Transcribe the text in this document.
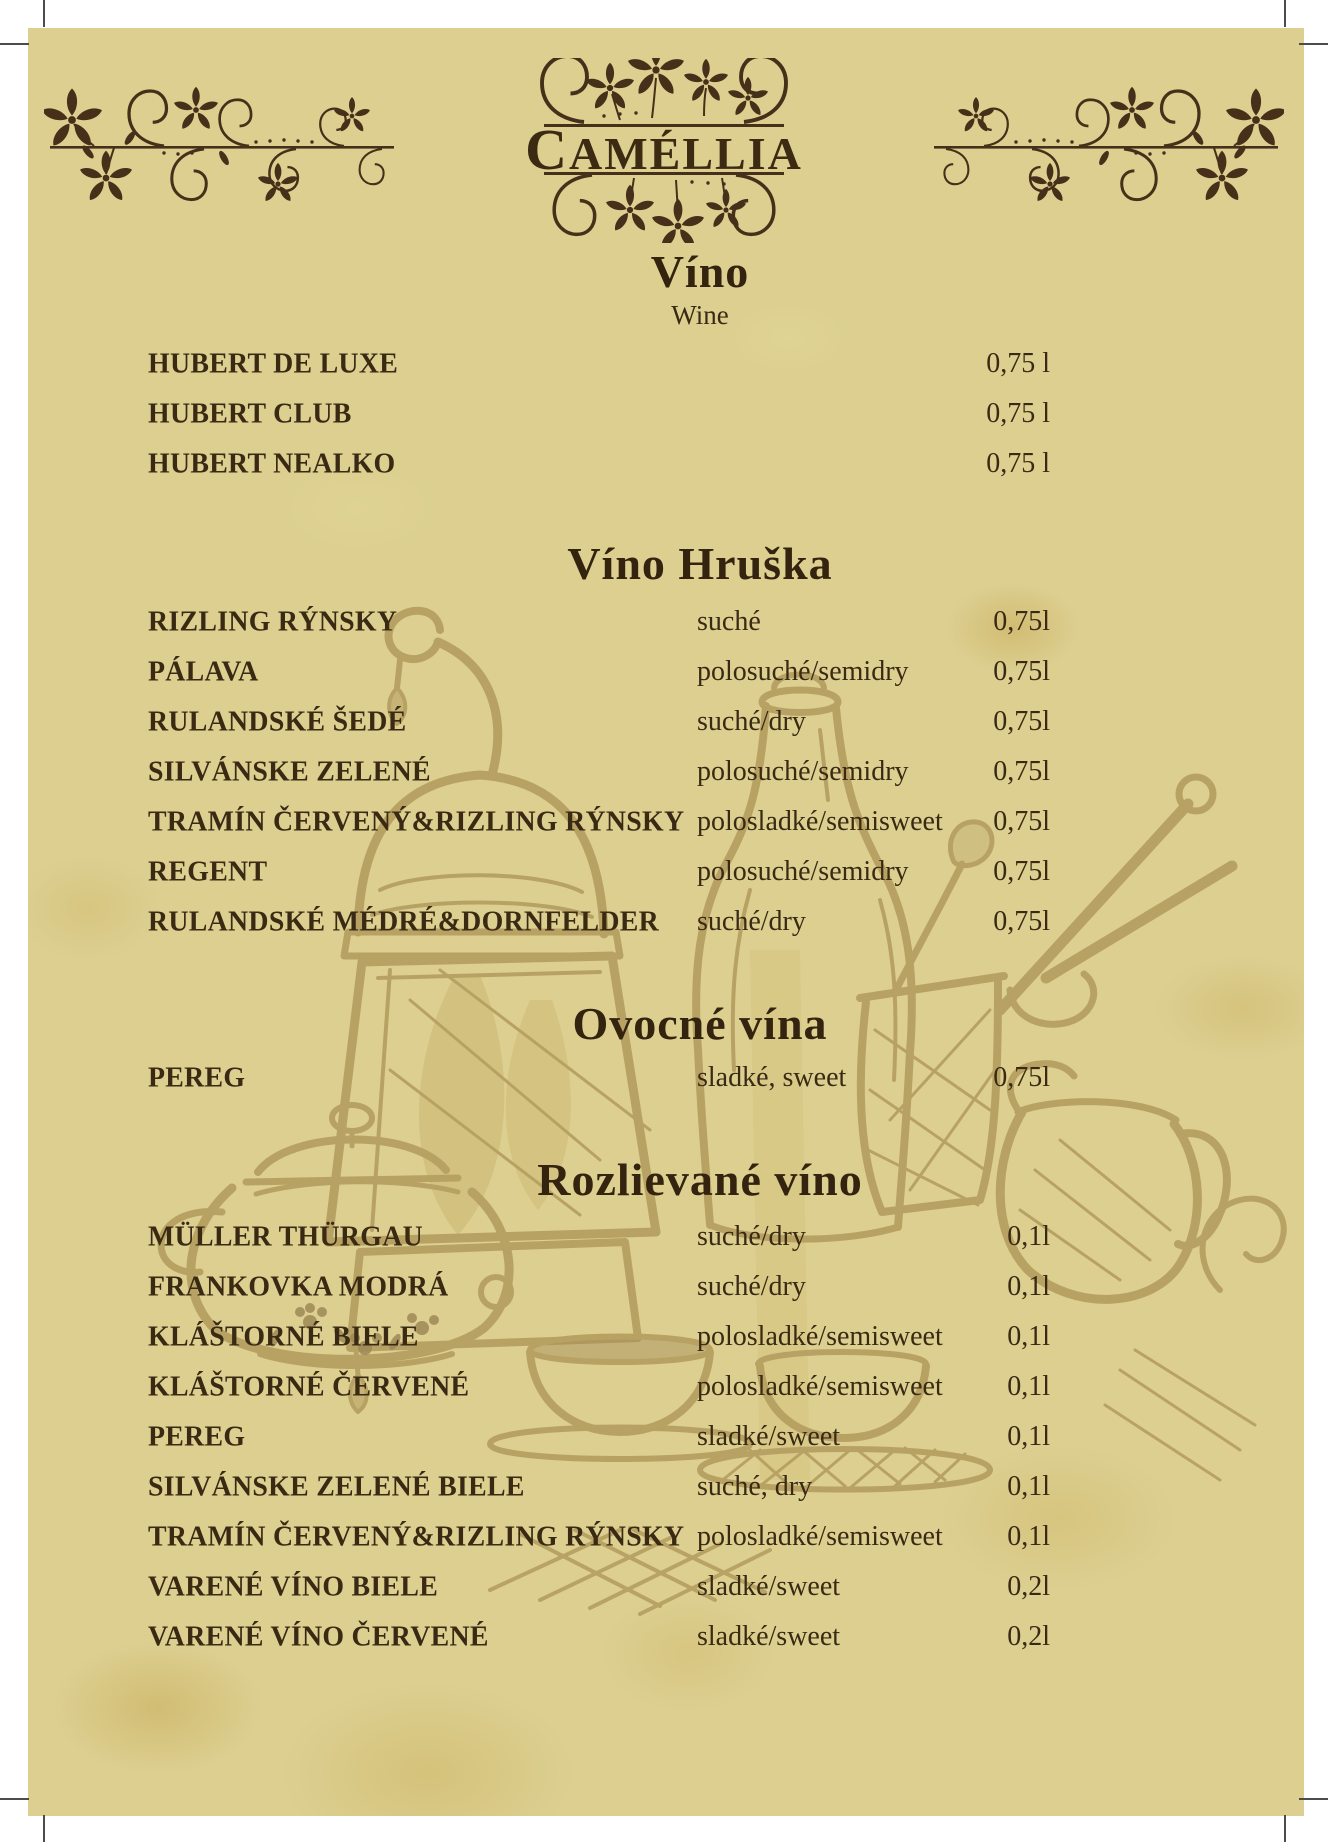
CAMÉLLIA
Víno
Wine
HUBERT DE LUXE	0,75 l
HUBERT CLUB	0,75 l
HUBERT NEALKO	0,75 l
Víno Hruška
RIZLING RÝNSKY	suché	0,75l
PÁLAVA	polosuché/semidry	0,75l
RULANDSKÉ ŠEDÉ	suché/dry	0,75l
SILVÁNSKE ZELENÉ	polosuché/semidry	0,75l
TRAMÍN ČERVENÝ&RIZLING RÝNSKY polosladké/semisweet 0,75l
REGENT	polosuché/semidry	0,75l
RULANDSKÉ MÉDRÉ&DORNFELDER suché/dry	0,75l
Ovocné vína
PEREG	sladké, sweet	0,75l
Rozlievané víno
MÜLLER THÜRGAU	suché/dry	0,1l
FRANKOVKA MODRÁ	suché/dry	0,1l
KLÁŠTORNÉ BIELE	polosladké/semisweet 0,1l
KLÁŠTORNÉ ČERVENÉ	polosladké/semisweet 0,1l
PEREG	sladké/sweet	0,1l
SILVÁNSKE ZELENÉ BIELE	suché, dry	0,1l
TRAMÍN ČERVENÝ&RIZLING RÝNSKY polosladké/semisweet 0,1l
VARENÉ VÍNO BIELE	sladké/sweet	0,2l
VARENÉ VÍNO ČERVENÉ	sladké/sweet	0,2l
